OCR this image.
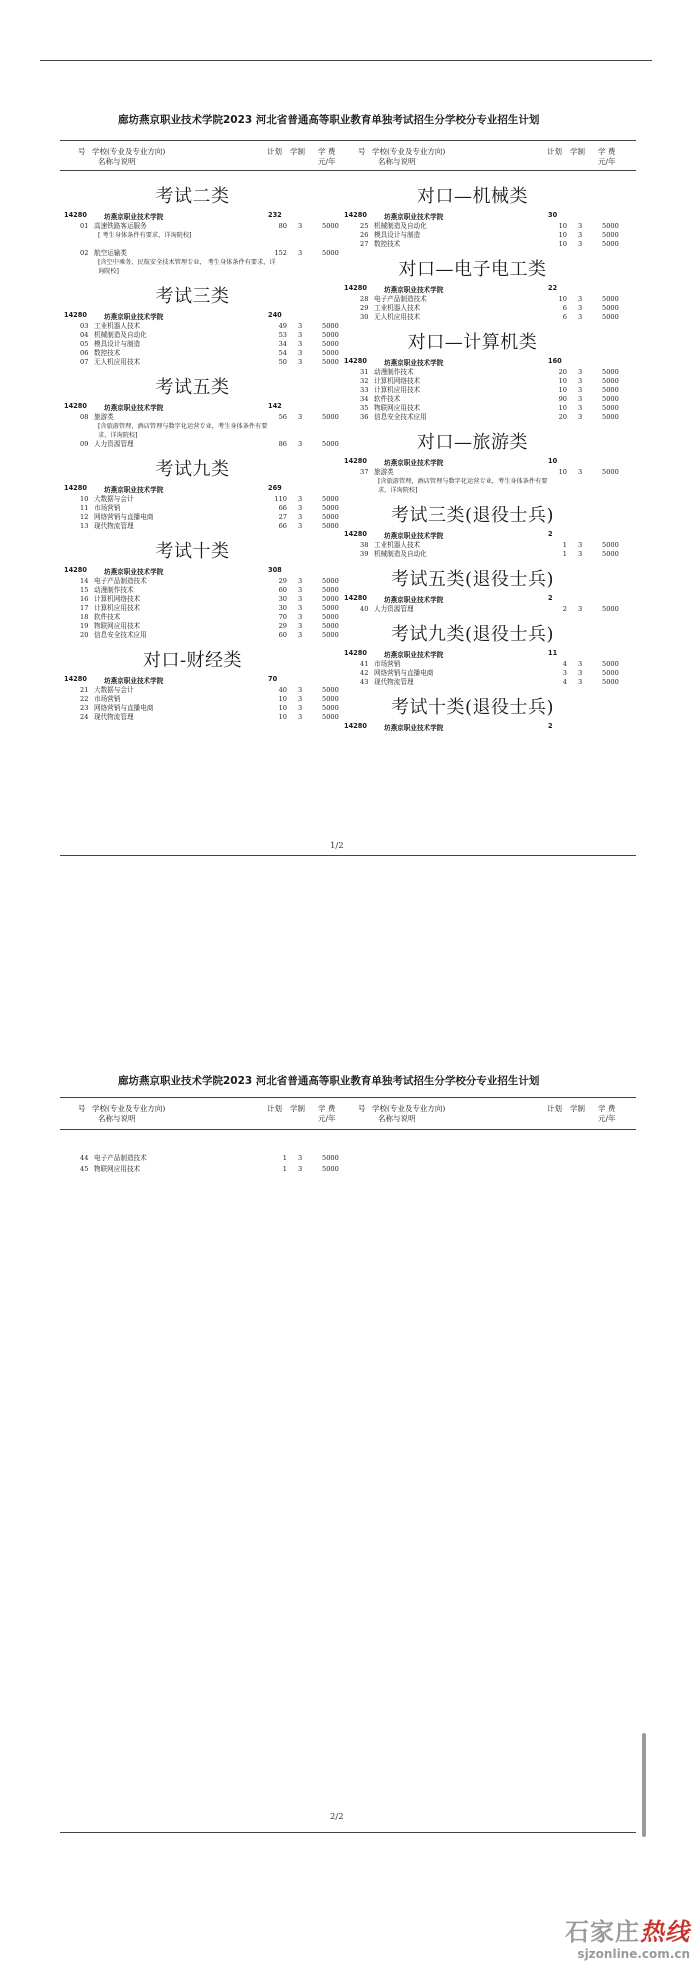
廊坊燕京职业技术学院2023 河北省普通高等职业教育单独考试招生分学校分专业招生计划
号 学校(专业及专业方向)
名称与说明
计划 学制 学 费
元/年
号 学校(专业及专业方向)
名称与说明
计划 学制 学 费
元/年
考试二类
14280	坊燕京职业技术学院	232
01 高速铁路客运服务	80 3	5000
[ 考生身体条件有要求，详询院校]
02 航空运输类	152 3	5000
[含空中乘务、民航安全技术管理专业， 考生身体条件有要求，详询院校]
考试三类
14280	坊燕京职业技术学院	240
03 工业机器人技术	49 3	5000
04 机械制造及自动化	53 3	5000
05 模具设计与制造	34 3	5000
06 数控技术	54 3	5000
07 无人机应用技术	50 3	5000
考试五类
14280	坊燕京职业技术学院	142
08 旅游类	56 3	5000
[含旅游管理，酒店管理与数字化运营专业，考生身体条件有要求，详询院校]
09 人力资源管理	86 3	5000
考试九类
14280	坊燕京职业技术学院	269
10 大数据与会计	110 3	5000
11 市场营销	66 3	5000
12 网络营销与直播电商	27 3	5000
13 现代物流管理	66 3	5000
考试十类
14280	坊燕京职业技术学院	308
14 电子产品制造技术	29 3	5000
15 动漫制作技术	60 3	5000
16 计算机网络技术	30 3	5000
17 计算机应用技术	30 3	5000
18 软件技术	70 3	5000
19 物联网应用技术	29 3	5000
20 信息安全技术应用	60 3	5000
对口-财经类
14280	坊燕京职业技术学院	70
21 大数据与会计	40 3	5000
22 市场营销	10 3	5000
23 网络营销与直播电商	10 3	5000
24 现代物流管理	10 3	5000
对口—机械类
14280	坊燕京职业技术学院	30
25 机械制造及自动化	10 3	5000
26 模具设计与制造	10 3	5000
27 数控技术	10 3	5000
对口—电子电工类
14280	坊燕京职业技术学院	22
28 电子产品制造技术	10 3	5000
29 工业机器人技术	6 3	5000
30 无人机应用技术	6 3	5000
对口—计算机类
14280	坊燕京职业技术学院	160
31 动漫制作技术	20 3	5000
32 计算机网络技术	10 3	5000
33 计算机应用技术	10 3	5000
34 软件技术	90 3	5000
35 物联网应用技术	10 3	5000
36 信息安全技术应用	20 3	5000
对口—旅游类
14280	坊燕京职业技术学院	10
37 旅游类	10 3	5000
[含旅游管理，酒店管理与数字化运营专业，考生身体条件有要求，详询院校]
考试三类(退役士兵)
14280	坊燕京职业技术学院	2
38 工业机器人技术	1 3	5000
39 机械制造及自动化	1 3	5000
考试五类(退役士兵)
14280	坊燕京职业技术学院	2
40 人力资源管理	2 3	5000
考试九类(退役士兵)
14280	坊燕京职业技术学院	11
41 市场营销	4 3	5000
42 网络营销与直播电商	3 3	5000
43 现代物流管理	4 3	5000
考试十类(退役士兵)
14280	坊燕京职业技术学院	2
1/2
廊坊燕京职业技术学院2023 河北省普通高等职业教育单独考试招生分学校分专业招生计划
号 学校(专业及专业方向)
名称与说明
计划 学制 学 费
元/年
号 学校(专业及专业方向)
名称与说明
计划 学制 学 费
元/年
44 电子产品制造技术	1 3	5000
45 物联网应用技术	1 3	5000
2/2
石家庄热线
sjzonline.com.cn
